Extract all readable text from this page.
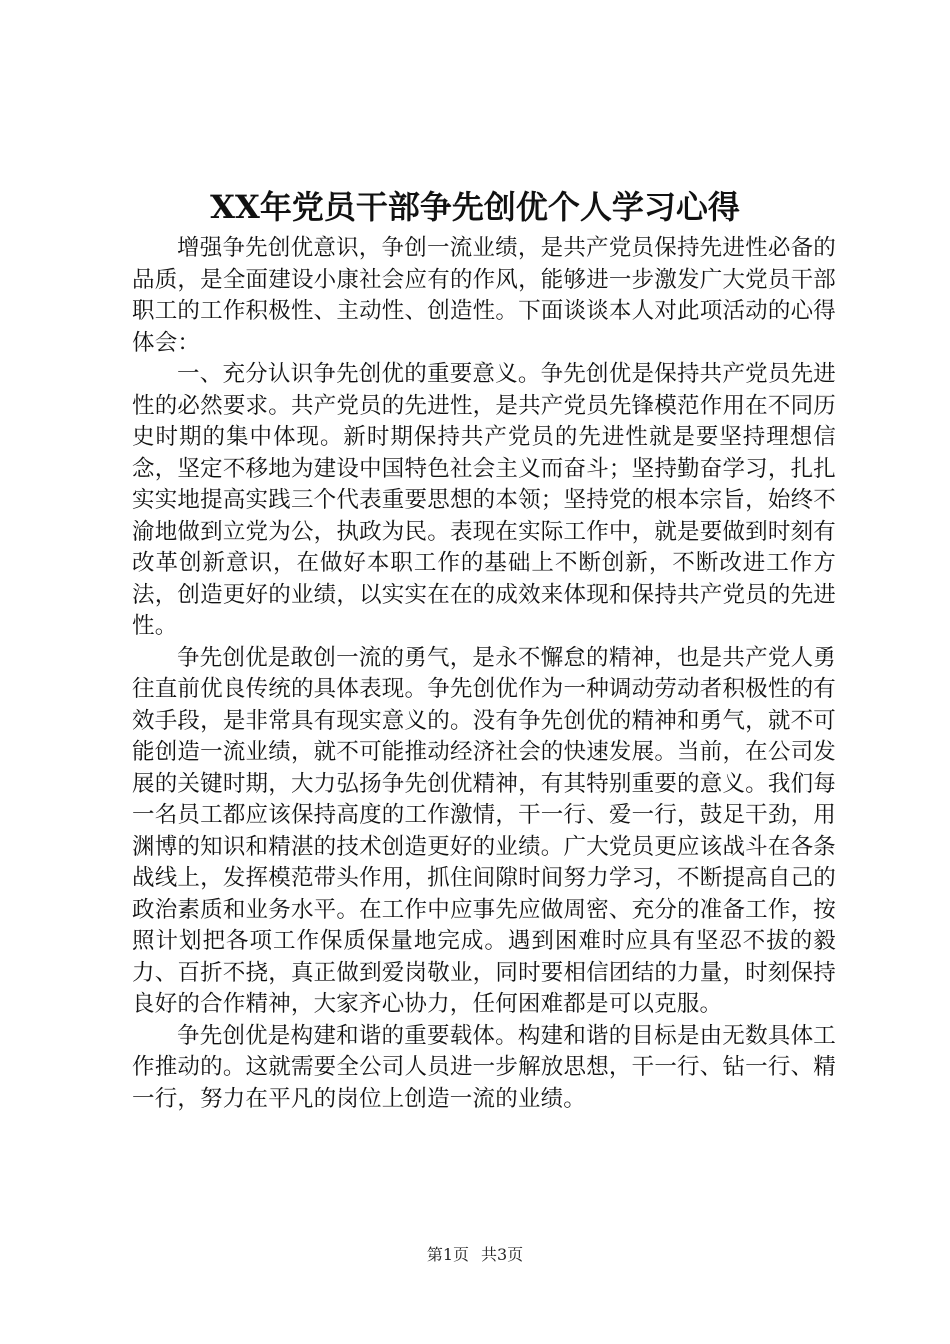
XX年党员干部争先创优个人学习心得

增强争先创优意识，争创一流业绩，是共产党员保持先进性必备的品质，是全面建设小康社会应有的作风，能够进一步激发广大党员干部职工的工作积极性、主动性、创造性。下面谈谈本人对此项活动的心得体会：

一、充分认识争先创优的重要意义。争先创优是保持共产党员先进性的必然要求。共产党员的先进性，是共产党员先锋模范作用在不同历史时期的集中体现。新时期保持共产党员的先进性就是要坚持理想信念，坚定不移地为建设中国特色社会主义而奋斗；坚持勤奋学习，扎扎实实地提高实践三个代表重要思想的本领；坚持党的根本宗旨，始终不渝地做到立党为公，执政为民。表现在实际工作中，就是要做到时刻有改革创新意识，在做好本职工作的基础上不断创新，不断改进工作方法，创造更好的业绩，以实实在在的成效来体现和保持共产党员的先进性。

争先创优是敢创一流的勇气，是永不懈怠的精神，也是共产党人勇往直前优良传统的具体表现。争先创优作为一种调动劳动者积极性的有效手段，是非常具有现实意义的。没有争先创优的精神和勇气，就不可能创造一流业绩，就不可能推动经济社会的快速发展。当前，在公司发展的关键时期，大力弘扬争先创优精神，有其特别重要的意义。我们每一名员工都应该保持高度的工作激情，干一行、爱一行，鼓足干劲，用渊博的知识和精湛的技术创造更好的业绩。广大党员更应该战斗在各条战线上，发挥模范带头作用，抓住间隙时间努力学习，不断提高自己的政治素质和业务水平。在工作中应事先应做周密、充分的准备工作，按照计划把各项工作保质保量地完成。遇到困难时应具有坚忍不拔的毅力、百折不挠，真正做到爱岗敬业，同时要相信团结的力量，时刻保持良好的合作精神，大家齐心协力，任何困难都是可以克服。

争先创优是构建和谐的重要载体。构建和谐的目标是由无数具体工作推动的。这就需要全公司人员进一步解放思想，干一行、钻一行、精一行，努力在平凡的岗位上创造一流的业绩。

第1页 共3页
